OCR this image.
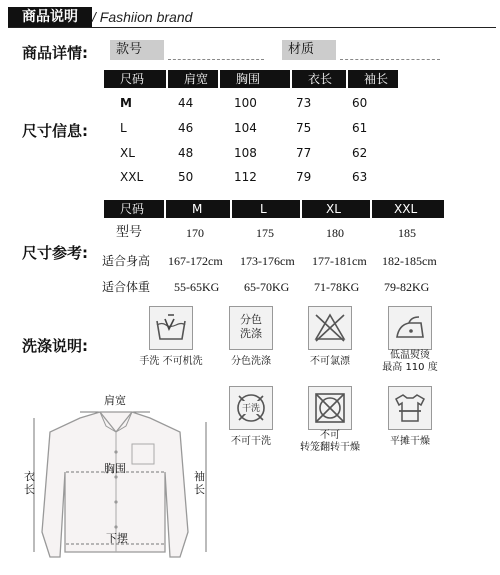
商品说明	/ Fashiion brand
商品详情:	款号	材质
尺寸信息:
尺码	肩宽	胸围	衣长	袖长
M	44	100	73	60
L	46	104	75	61
XL	48	108	77	62
XXL	50	112	79	63
尺寸参考:
尺码	M	L	XL	XXL
型号	170	175	180	185
适合身高 167-172cm 173-176cm 177-181cm 182-185cm
适合体重 55-65KG 65-70KG 71-78KG 79-82KG
洗涤说明:
手洗 不可机洗
分色
洗涤
分色洗涤	不可氯漂
低温熨烫
最高 110 度
干洗
不可干洗
不可
转笼翻转干燥
平摊干燥
肩宽
胸围
衣
长
袖
长
下摆
